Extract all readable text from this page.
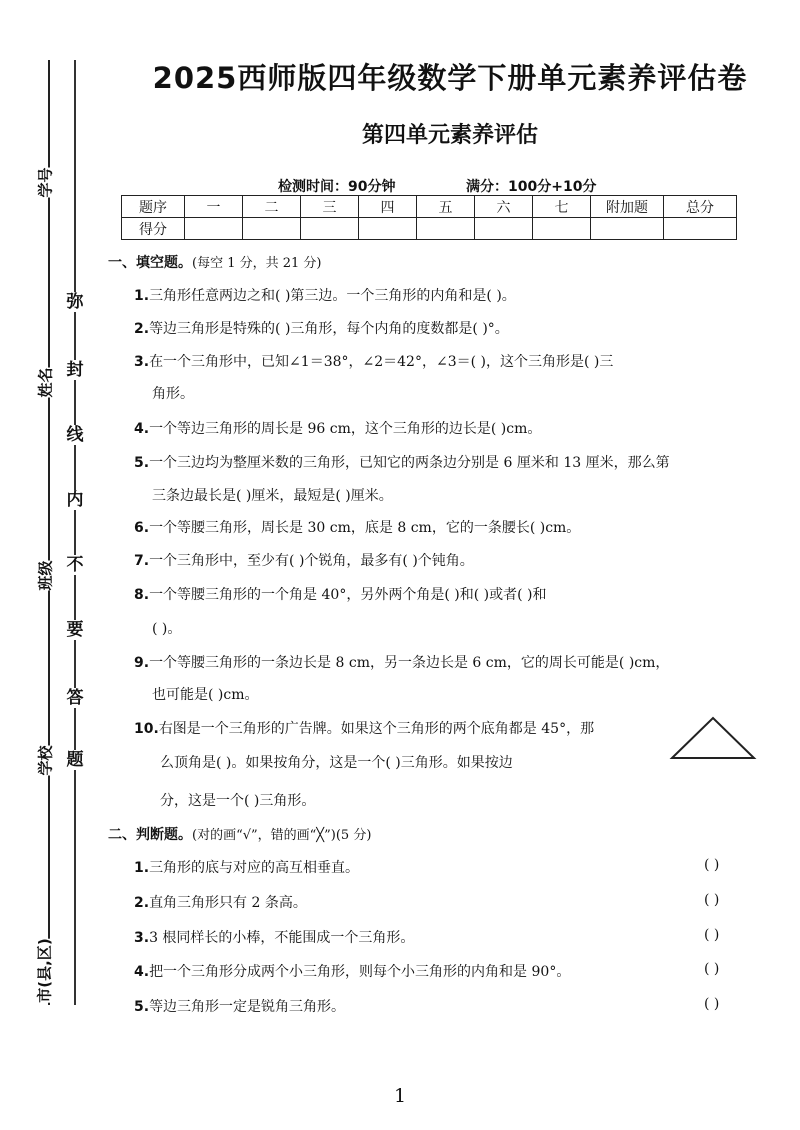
学号
姓名
班级
学校
市(县,区)
弥
封
线
内
不
要
答
题
2025西师版四年级数学下册单元素养评估卷
第四单元素养评估
检测时间：90分钟	满分：100分+10分
题序	一	二	三	四	五	六	七	附加题	总分
得分									
一、填空题。(每空 1 分，共 21 分)
1.三角形任意两边之和( )第三边。一个三角形的内角和是( )。
2.等边三角形是特殊的( )三角形，每个内角的度数都是( )°。
3.在一个三角形中，已知∠1＝38°，∠2＝42°，∠3＝( )，这个三角形是( )三
角形。
4.一个等边三角形的周长是 96 cm，这个三角形的边长是( )cm。
5.一个三边均为整厘米数的三角形，已知它的两条边分别是 6 厘米和 13 厘米，那么第
三条边最长是( )厘米，最短是( )厘米。
6.一个等腰三角形，周长是 30 cm，底是 8 cm，它的一条腰长( )cm。
7.一个三角形中，至少有( )个锐角，最多有( )个钝角。
8.一个等腰三角形的一个角是 40°，另外两个角是( )和( )或者( )和
( )。
9.一个等腰三角形的一条边长是 8 cm，另一条边长是 6 cm，它的周长可能是( )cm，
也可能是( )cm。
10.右图是一个三角形的广告牌。如果这个三角形的两个底角都是 45°，那
么顶角是( )。如果按角分，这是一个( )三角形。如果按边
分，这是一个( )三角形。
二、判断题。(对的画“√”，错的画“╳”)(5 分)
1.三角形的底与对应的高互相垂直。	( )
2.直角三角形只有 2 条高。	( )
3.3 根同样长的小棒，不能围成一个三角形。	( )
4.把一个三角形分成两个小三角形，则每个小三角形的内角和是 90°。	( )
5.等边三角形一定是锐角三角形。	( )
1
